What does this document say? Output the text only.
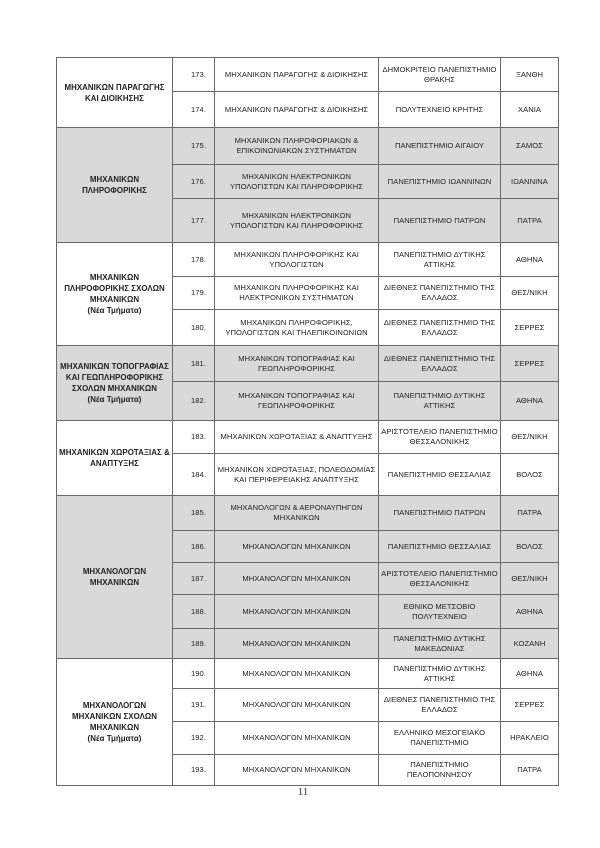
ΜΗΧΑΝΙΚΩΝ ΠΑΡΑΓΩΓΗΣ ΚΑΙ ΔΙΟΙΚΗΣΗΣ	173.	ΜΗΧΑΝΙΚΩΝ ΠΑΡΑΓΩΓΗΣ & ΔΙΟΙΚΗΣΗΣ	ΔΗΜΟΚΡΙΤΕΙΟ ΠΑΝΕΠΙΣΤΗΜΙΟ ΘΡΑΚΗΣ	ΞΑΝΘΗ
	174.	ΜΗΧΑΝΙΚΩΝ ΠΑΡΑΓΩΓΗΣ & ΔΙΟΙΚΗΣΗΣ	ΠΟΛΥΤΕΧΝΕΙΟ ΚΡΗΤΗΣ	ΧΑΝΙΑ

ΜΗΧΑΝΙΚΩΝ ΠΛΗΡΟΦΟΡΙΚΗΣ	175.	ΜΗΧΑΝΙΚΩΝ ΠΛΗΡΟΦΟΡΙΑΚΩΝ & ΕΠΙΚΟΙΝΩΝΙΑΚΩΝ ΣΥΣΤΗΜΑΤΩΝ	ΠΑΝΕΠΙΣΤΗΜΙΟ ΑΙΓΑΙΟΥ	ΣΑΜΟΣ
	176.	ΜΗΧΑΝΙΚΩΝ ΗΛΕΚΤΡΟΝΙΚΩΝ ΥΠΟΛΟΓΙΣΤΩΝ ΚΑΙ ΠΛΗΡΟΦΟΡΙΚΗΣ	ΠΑΝΕΠΙΣΤΗΜΙΟ ΙΩΑΝΝΙΝΩΝ	ΙΩΑΝΝΙΝΑ
	177.	ΜΗΧΑΝΙΚΩΝ ΗΛΕΚΤΡΟΝΙΚΩΝ ΥΠΟΛΟΓΙΣΤΩΝ ΚΑΙ ΠΛΗΡΟΦΟΡΙΚΗΣ	ΠΑΝΕΠΙΣΤΗΜΙΟ ΠΑΤΡΩΝ	ΠΑΤΡΑ

ΜΗΧΑΝΙΚΩΝ ΠΛΗΡΟΦΟΡΙΚΗΣ ΣΧΟΛΩΝ ΜΗΧΑΝΙΚΩΝ
(Νέα Τμήματα)	178.	ΜΗΧΑΝΙΚΩΝ ΠΛΗΡΟΦΟΡΙΚΗΣ ΚΑΙ ΥΠΟΛΟΓΙΣΤΩΝ	ΠΑΝΕΠΙΣΤΗΜΙΟ ΔΥΤΙΚΗΣ ΑΤΤΙΚΗΣ	ΑΘΗΝΑ
	179.	ΜΗΧΑΝΙΚΩΝ ΠΛΗΡΟΦΟΡΙΚΗΣ ΚΑΙ ΗΛΕΚΤΡΟΝΙΚΩΝ ΣΥΣΤΗΜΑΤΩΝ	ΔΙΕΘΝΕΣ ΠΑΝΕΠΙΣΤΗΜΙΟ ΤΗΣ ΕΛΛΑΔΟΣ	ΘΕΣ/ΝΙΚΗ
	180.	ΜΗΧΑΝΙΚΩΝ ΠΛΗΡΟΦΟΡΙΚΗΣ, ΥΠΟΛΟΓΙΣΤΩΝ ΚΑΙ ΤΗΛΕΠΙΚΟΙΝΩΝΙΩΝ	ΔΙΕΘΝΕΣ ΠΑΝΕΠΙΣΤΗΜΙΟ ΤΗΣ ΕΛΛΑΔΟΣ	ΣΕΡΡΕΣ

ΜΗΧΑΝΙΚΩΝ ΤΟΠΟΓΡΑΦΙΑΣ ΚΑΙ ΓΕΩΠΛΗΡΟΦΟΡΙΚΗΣ ΣΧΟΛΩΝ ΜΗΧΑΝΙΚΩΝ
(Νέα Τμήματα)	181.	ΜΗΧΑΝΙΚΩΝ ΤΟΠΟΓΡΑΦΙΑΣ ΚΑΙ ΓΕΩΠΛΗΡΟΦΟΡΙΚΗΣ	ΔΙΕΘΝΕΣ ΠΑΝΕΠΙΣΤΗΜΙΟ ΤΗΣ ΕΛΛΑΔΟΣ	ΣΕΡΡΕΣ
	182.	ΜΗΧΑΝΙΚΩΝ ΤΟΠΟΓΡΑΦΙΑΣ ΚΑΙ ΓΕΩΠΛΗΡΟΦΟΡΙΚΗΣ	ΠΑΝΕΠΙΣΤΗΜΙΟ ΔΥΤΙΚΗΣ ΑΤΤΙΚΗΣ	ΑΘΗΝΑ

ΜΗΧΑΝΙΚΩΝ ΧΩΡΟΤΑΞΙΑΣ & ΑΝΑΠΤΥΞΗΣ	183.	ΜΗΧΑΝΙΚΩΝ ΧΩΡΟΤΑΞΙΑΣ & ΑΝΑΠΤΥΞΗΣ	ΑΡΙΣΤΟΤΕΛΕΙΟ ΠΑΝΕΠΙΣΤΗΜΙΟ ΘΕΣΣΑΛΟΝΙΚΗΣ	ΘΕΣ/ΝΙΚΗ
	184.	ΜΗΧΑΝΙΚΩΝ ΧΩΡΟΤΑΞΙΑΣ, ΠΟΛΕΟΔΟΜΙΑΣ ΚΑΙ ΠΕΡΙΦΕΡΕΙΑΚΗΣ ΑΝΑΠΤΥΞΗΣ	ΠΑΝΕΠΙΣΤΗΜΙΟ ΘΕΣΣΑΛΙΑΣ	ΒΟΛΟΣ

ΜΗΧΑΝΟΛΟΓΩΝ ΜΗΧΑΝΙΚΩΝ	185.	ΜΗΧΑΝΟΛΟΓΩΝ & ΑΕΡΟΝΑΥΠΗΓΩΝ ΜΗΧΑΝΙΚΩΝ	ΠΑΝΕΠΙΣΤΗΜΙΟ ΠΑΤΡΩΝ	ΠΑΤΡΑ
	186.	ΜΗΧΑΝΟΛΟΓΩΝ ΜΗΧΑΝΙΚΩΝ	ΠΑΝΕΠΙΣΤΗΜΙΟ ΘΕΣΣΑΛΙΑΣ	ΒΟΛΟΣ
	187.	ΜΗΧΑΝΟΛΟΓΩΝ ΜΗΧΑΝΙΚΩΝ	ΑΡΙΣΤΟΤΕΛΕΙΟ ΠΑΝΕΠΙΣΤΗΜΙΟ ΘΕΣΣΑΛΟΝΙΚΗΣ	ΘΕΣ/ΝΙΚΗ
	188.	ΜΗΧΑΝΟΛΟΓΩΝ ΜΗΧΑΝΙΚΩΝ	ΕΘΝΙΚΟ ΜΕΤΣΟΒΙΟ ΠΟΛΥΤΕΧΝΕΙΟ	ΑΘΗΝΑ
	189.	ΜΗΧΑΝΟΛΟΓΩΝ ΜΗΧΑΝΙΚΩΝ	ΠΑΝΕΠΙΣΤΗΜΙΟ ΔΥΤΙΚΗΣ ΜΑΚΕΔΟΝΙΑΣ	ΚΟΖΑΝΗ

ΜΗΧΑΝΟΛΟΓΩΝ ΜΗΧΑΝΙΚΩΝ ΣΧΟΛΩΝ ΜΗΧΑΝΙΚΩΝ
(Νέα Τμήματα)	190.	ΜΗΧΑΝΟΛΟΓΩΝ ΜΗΧΑΝΙΚΩΝ	ΠΑΝΕΠΙΣΤΗΜΙΟ ΔΥΤΙΚΗΣ ΑΤΤΙΚΗΣ	ΑΘΗΝΑ
	191.	ΜΗΧΑΝΟΛΟΓΩΝ ΜΗΧΑΝΙΚΩΝ	ΔΙΕΘΝΕΣ ΠΑΝΕΠΙΣΤΗΜΙΟ ΤΗΣ ΕΛΛΑΔΟΣ	ΣΕΡΡΕΣ
	192.	ΜΗΧΑΝΟΛΟΓΩΝ ΜΗΧΑΝΙΚΩΝ	ΕΛΛΗΝΙΚΟ ΜΕΣΟΓΕΙΑΚΟ ΠΑΝΕΠΙΣΤΗΜΙΟ	ΗΡΑΚΛΕΙΟ
	193.	ΜΗΧΑΝΟΛΟΓΩΝ ΜΗΧΑΝΙΚΩΝ	ΠΑΝΕΠΙΣΤΗΜΙΟ ΠΕΛΟΠΟΝΝΗΣΟΥ	ΠΑΤΡΑ
11
